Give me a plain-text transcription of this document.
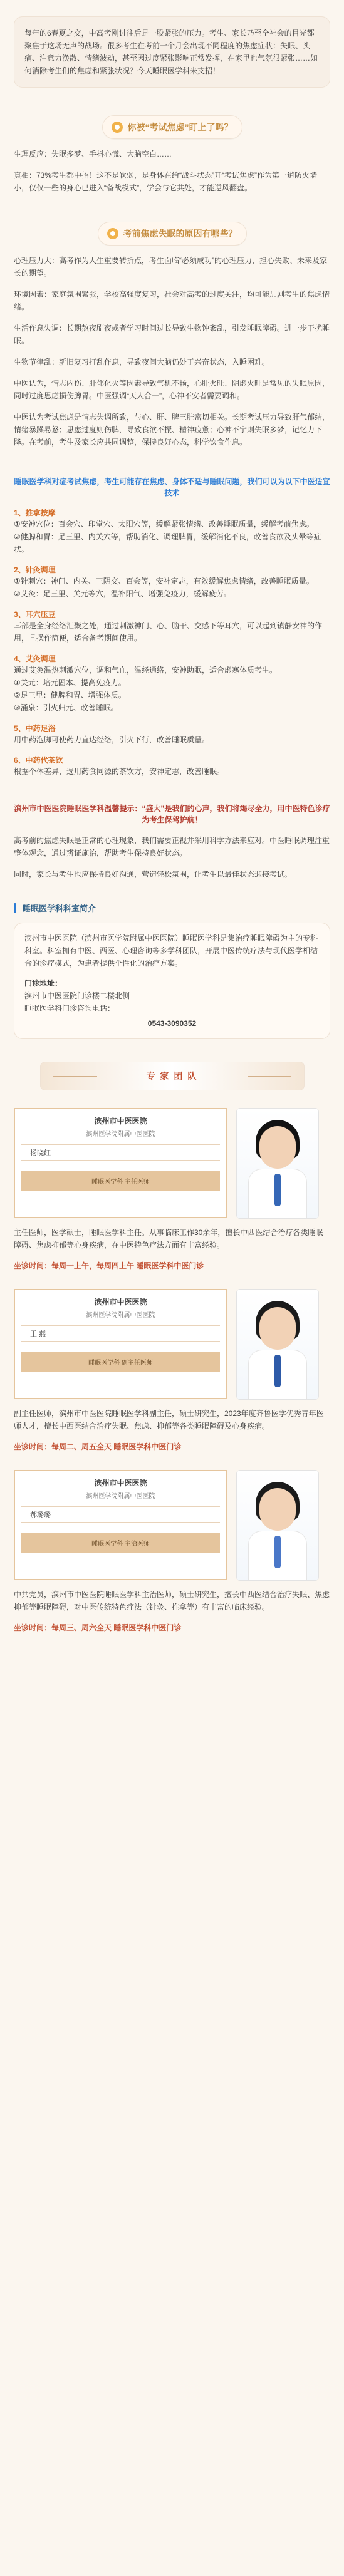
每年的6春夏之交，中高考刚讨往后是一股紧张的压力。考生、家长乃至全社会的目光都聚焦于这场无声的战场。很多考生在考前一个月会出现不同程度的焦虑症状：失眠、头痛、注意力涣散、情绪波动，甚至因过度紧张影响正常发挥，在家里也气氛很紧张……如何消除考生们的焦虑和紧张状况？今天睡眠医学科来支招！
你被“考试焦虑”盯上了吗？
生理反应：失眠多梦、手抖心慌、大脑空白……
真相：73%考生都中招！这不是软弱，是身体在给“战斗状态”开“考试焦虑”作为第一道防火墙小，仅仅一些的身心已进入“备战模式”，学会与它共处，才能逆风翻盘。
考前焦虑失眠的原因有哪些？
心理压力大：高考作为人生重要转折点，考生面临“必须成功”的心理压力，担心失败、未来及家长的期望。
环境因素：家庭氛围紧张，学校高强度复习，社会对高考的过度关注，均可能加剧考生的焦虑情绪。
生活作息失调：长期熬夜刷夜或者学习时间过长导致生物钟紊乱，引发睡眠障碍。进一步干扰睡眠。
生物节律乱：新旧复习打乱作息，导致夜间大脑仍处于兴奋状态，入睡困难。
中医认为，情志内伤、肝郁化火等因素导致气机不畅，心肝火旺、阴虚火旺是常见的失眠原因，同时过度思虑损伤脾胃。中医强调“天人合一”，心神不安者需要调和。
中医认为考试焦虑是情志失调所致，与心、肝、脾三脏密切相关。长期考试压力导致肝气郁结，情绪暴躁易怒；思虑过度则伤脾，导致食欲不振、精神疲惫；心神不宁则失眠多梦，记忆力下降。在考前，考生及家长应共同调整，保持良好心态，科学饮食作息。
睡眠医学科对症考试焦虑，考生可能存在焦虑、身体不适与睡眠问题，我们可以为以下中医适宜技术
1、推拿按摩
①安神穴位：百会穴、印堂穴、太阳穴等，缓解紧张情绪、改善睡眠质量，缓解考前焦虑。
②健脾和胃：足三里、内关穴等，帮助消化、调理脾胃，缓解消化不良，改善食欲及头晕等症状。
2、针灸调理
①针刺穴：神门、内关、三阴交、百会等，安神定志，有效缓解焦虑情绪，改善睡眠质量。
②艾灸：足三里、关元等穴，温补阳气、增强免疫力，缓解疲劳。
3、耳穴压豆
耳部是全身经络汇聚之处，通过刺激神门、心、脑干、交感下等耳穴，可以起到镇静安神的作用，且操作简便，适合备考期间使用。
4、艾灸调理
通过艾灸温热刺激穴位，调和气血，温经通络，安神助眠，适合虚寒体质考生。
①关元：培元固本、提高免疫力。
②足三里：健脾和胃、增强体质。
③涌泉：引火归元、改善睡眠。
5、中药足浴
用中药泡脚可使药力直达经络，引火下行，改善睡眠质量。
6、中药代茶饮
根据个体差异，选用药食同源的茶饮方，安神定志，改善睡眠。
滨州市中医医院睡眠医学科温馨提示：“盛大”是我们的心声，我们将竭尽全力，用中医特色诊疗为考生保驾护航！
高考前的焦虑失眠是正常的心理现象，我们需要正视并采用科学方法来应对。中医睡眠调理注重整体观念，通过辨证施治，帮助考生保持良好状态。
同时，家长与考生也应保持良好沟通，营造轻松氛围，让考生以最佳状态迎接考试。
睡眠医学科科室简介
滨州市中医医院（滨州市医学院附属中医医院）睡眠医学科是集治疗睡眠障碍为主的专科科室。科室拥有中医、西医、心理咨询等多学科团队，开展中医传统疗法与现代医学相结合的诊疗模式，为患者提供个性化的治疗方案。
门诊地址：
滨州市中医医院门诊楼二楼北侧
睡眠医学科门诊咨询电话：
0543-3090352
专 家 团 队
滨州市中医医院
滨州医学院附属中医医院
杨晓红
睡眠医学科 主任医师
主任医师，医学硕士，睡眠医学科主任。从事临床工作30余年，擅长中西医结合治疗各类睡眠障碍、焦虑抑郁等心身疾病，在中医特色疗法方面有丰富经验。
坐诊时间：每周一上午，每周四上午 睡眠医学科中医门诊
滨州市中医医院
滨州医学院附属中医医院
王 燕
睡眠医学科 副主任医师
副主任医师，滨州市中医医院睡眠医学科副主任，硕士研究生，2023年度齐鲁医学优秀青年医师人才，擅长中西医结合治疗失眠、焦虑、抑郁等各类睡眠障碍及心身疾病。
坐诊时间：每周二、周五全天 睡眠医学科中医门诊
滨州市中医医院
滨州医学院附属中医医院
郝璐璐
睡眠医学科 主治医师
中共党员，滨州市中医医院睡眠医学科主治医师，硕士研究生，擅长中西医结合治疗失眠、焦虑抑郁等睡眠障碍，对中医传统特色疗法（针灸、推拿等）有丰富的临床经验。
坐诊时间：每周三、周六全天 睡眠医学科中医门诊
